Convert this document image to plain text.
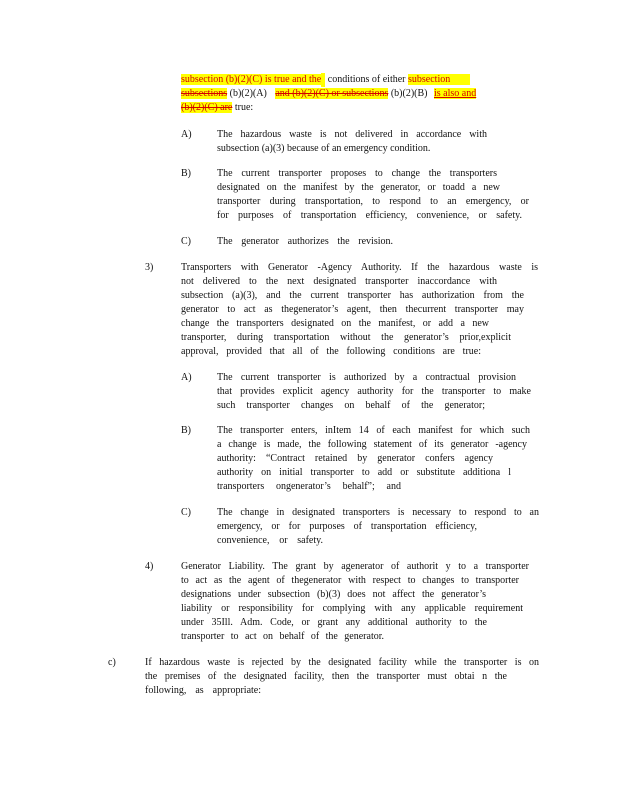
subsection (b)(2)(C) is true and the conditions of either subsection
subsections (b)(2)(A) and (b)(2)(C) or subsections (b)(2)(B) is also and
(b)(2)(C) are true:
A)	The hazardous waste is not delivered in accordance with
subsection (a)(3) because of an emergency condition.
B)	The current transporter proposes to change the transporters
designated on the manifest by the generator, or toadd a new
transporter during transportation, to respond to an emergency, or
for purposes of transportation efficiency, convenience, or safety.
C)	The generator authorizes the revision.
3)	Transporters with Generator -Agency Authority. If the hazardous waste is
not delivered to the next designated transporter inaccordance with
subsection (a)(3), and the current transporter has authorization from the
generator to act as thegenerator’s agent, then thecurrent transporter may
change the transporters designated on the manifest, or add a new
transporter, during transportation without the generator’s prior,explicit
approval, provided that all of the following conditions are true:
A)	The current transporter is authorized by a contractual provision
that provides explicit agency authority for the transporter to make
such transporter changes on behalf of the generator;
B)	The transporter enters, inItem 14 of each manifest for which such
a change is made, the following statement of its generator -agency
authority: “Contract retained by generator confers agency
authority on initial transporter to add or substitute additiona l
transporters ongenerator’s behalf”; and
C)	The change in designated transporters is necessary to respond to an
emergency, or for purposes of transportation efficiency,
convenience, or safety.
4)	Generator Liability. The grant by agenerator of authorit y to a transporter
to act as the agent of thegenerator with respect to changes to transporter
designations under subsection (b)(3) does not affect the generator’s
liability or responsibility for complying with any applicable requirement
under 35Ill. Adm. Code, or grant any additional authority to the
transporter to act on behalf of the generator.
c)	If hazardous waste is rejected by the designated facility while the transporter is on
the premises of the designated facility, then the transporter must obtai n the
following, as appropriate:
